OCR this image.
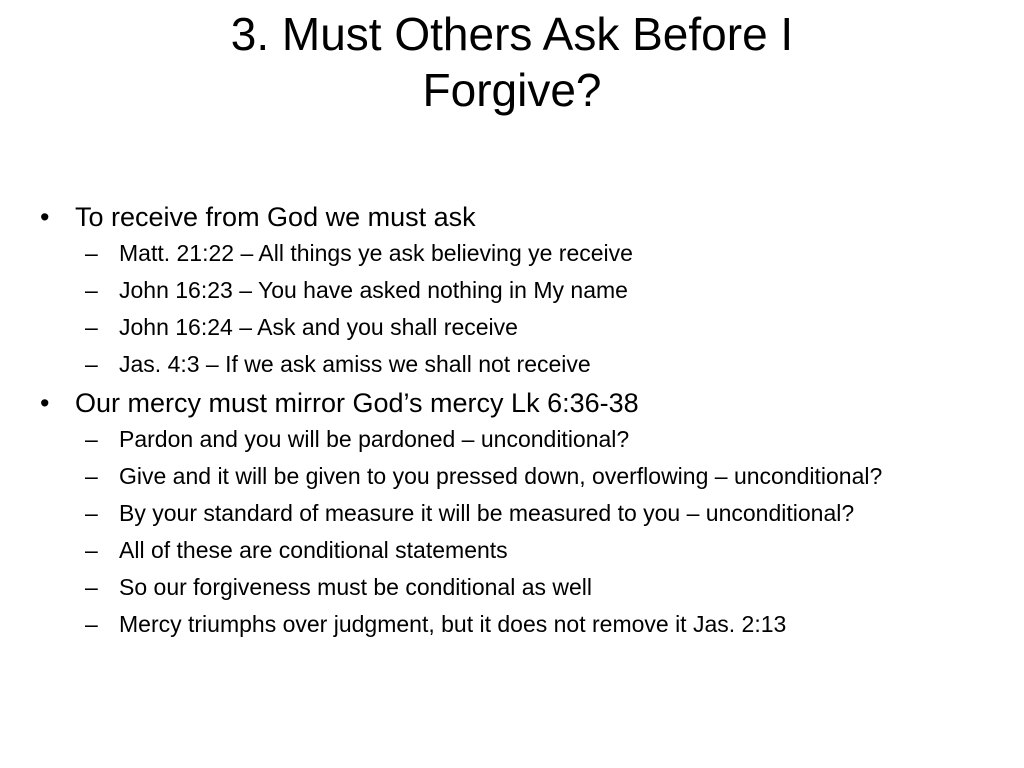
3. Must Others Ask Before I
Forgive?
• To receive from God we must ask
– Matt. 21:22 – All things ye ask believing ye receive
– John 16:23 – You have asked nothing in My name
– John 16:24 – Ask and you shall receive
– Jas. 4:3 – If we ask amiss we shall not receive
• Our mercy must mirror God’s mercy Lk 6:36-38
– Pardon and you will be pardoned – unconditional?
– Give and it will be given to you pressed down, overflowing – unconditional?
– By your standard of measure it will be measured to you – unconditional?
– All of these are conditional statements
– So our forgiveness must be conditional as well
– Mercy triumphs over judgment, but it does not remove it Jas. 2:13
